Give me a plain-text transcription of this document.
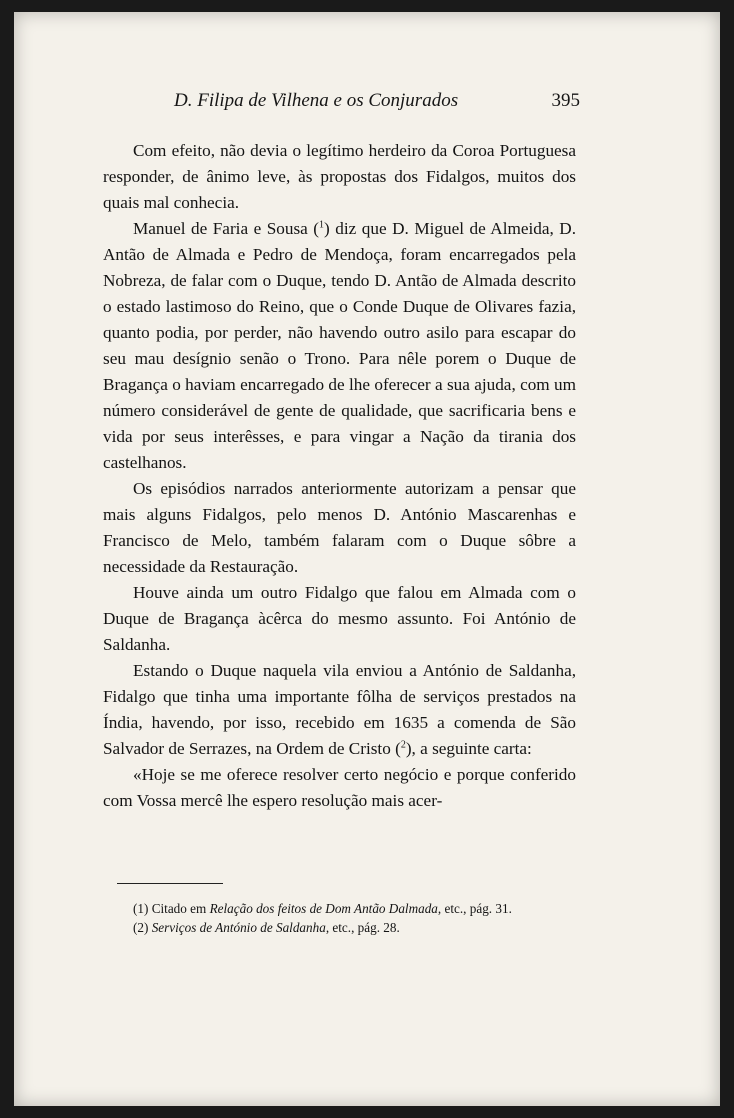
D. Filipa de Vilhena e os Conjurados	395

Com efeito, não devia o legítimo herdeiro da Coroa Portuguesa responder, de ânimo leve, às propostas dos Fidalgos, muitos dos quais mal conhecia.

Manuel de Faria e Sousa ($^1$) diz que D. Miguel de Almeida, D. Antão de Almada e Pedro de Mendoça, foram encarregados pela Nobreza, de falar com o Duque, tendo D. Antão de Almada descrito o estado lastimoso do Reino, que o Conde Duque de Olivares fazia, quanto podia, por perder, não havendo outro asilo para escapar do seu mau desígnio senão o Trono. Para nêle porem o Duque de Bragança o haviam encarregado de lhe oferecer a sua ajuda, com um número considerável de gente de qualidade, que sacrificaria bens e vida por seus interêsses, e para vingar a Nação da tirania dos castelhanos.

Os episódios narrados anteriormente autorizam a pensar que mais alguns Fidalgos, pelo menos D. António Mascarenhas e Francisco de Melo, também falaram com o Duque sôbre a necessidade da Restauração.

Houve ainda um outro Fidalgo que falou em Almada com o Duque de Bragança àcêrca do mesmo assunto. Foi António de Saldanha.

Estando o Duque naquela vila enviou a António de Saldanha, Fidalgo que tinha uma importante fôlha de serviços prestados na Índia, havendo, por isso, recebido em 1635 a comenda de São Salvador de Serrazes, na Ordem de Cristo ($^2$), a seguinte carta:

«Hoje se me oferece resolver certo negócio e porque conferido com Vossa mercê lhe espero resolução mais acer-

(1) Citado em Relação dos feitos de Dom Antão Dalmada, etc., pág. 31.

(2) Serviços de António de Saldanha, etc., pág. 28.
